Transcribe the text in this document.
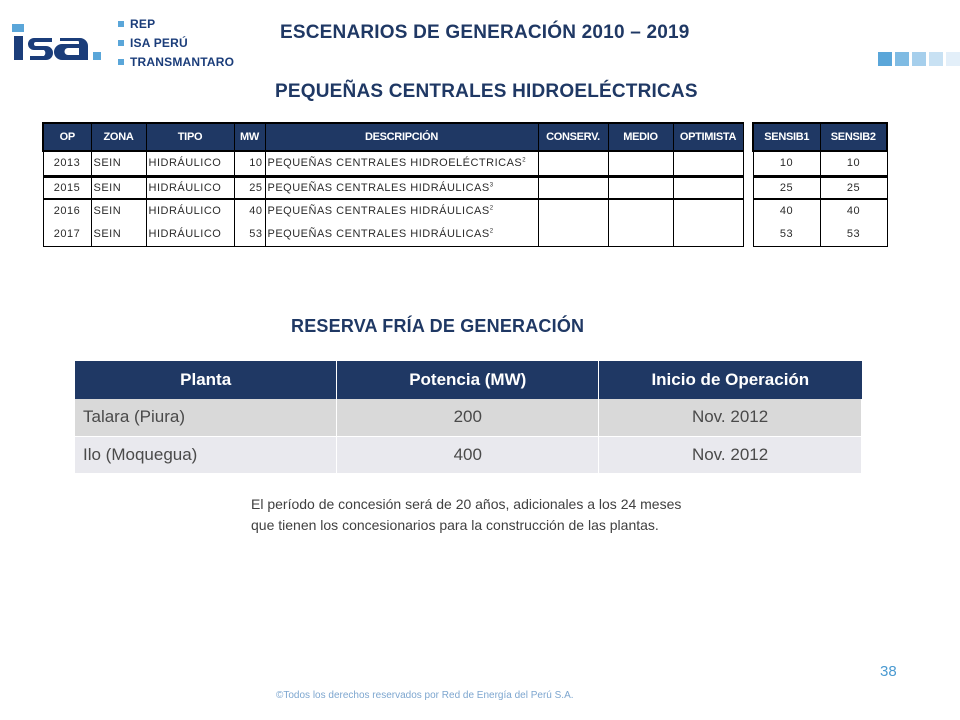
REP
ISA PERÚ
TRANSMANTARO
ESCENARIOS DE GENERACIÓN 2010 – 2019
PEQUEÑAS CENTRALES HIDROELÉCTRICAS
OP	ZONA	TIPO	MW	DESCRIPCIÓN	CONSERV.	MEDIO	OPTIMISTA		SENSIB1	SENSIB2
2013	SEIN	HIDRÁULICO	10	PEQUEÑAS CENTRALES HIDROELÉCTRICAS$^2$					10	10
2015	SEIN	HIDRÁULICO	25	PEQUEÑAS CENTRALES HIDRÁULICAS$^3$					25	25
2016	SEIN	HIDRÁULICO	40	PEQUEÑAS CENTRALES HIDRÁULICAS$^2$					40	40
2017	SEIN	HIDRÁULICO	53	PEQUEÑAS CENTRALES HIDRÁULICAS$^2$					53	53
RESERVA FRÍA DE GENERACIÓN
Planta	Potencia (MW)	Inicio de Operación
Talara (Piura)	200	Nov. 2012
Ilo (Moquegua)	400	Nov. 2012
El período de concesión será de 20 años, adicionales a los 24 meses
que tienen los concesionarios para la construcción de las plantas.
38
©Todos los derechos reservados por Red de Energía del Perú S.A.
